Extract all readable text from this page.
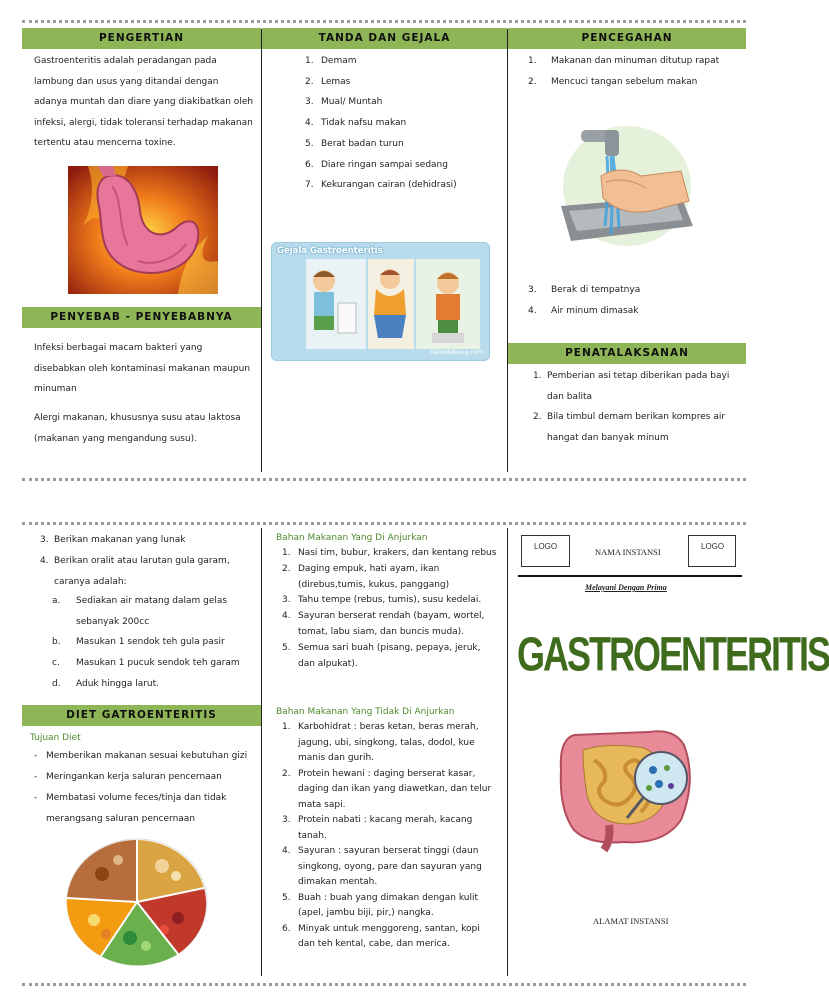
PENGERTIAN
Gastroenteritis adalah peradangan pada lambung dan usus yang ditandai dengan adanya muntah dan diare yang diakibatkan oleh infeksi, alergi, tidak toleransi terhadap makanan tertentu atau mencerna toxine.
PENYEBAB - PENYEBABNYA
Infeksi berbagai macam bakteri yang disebabkan oleh kontaminasi makanan maupun minuman
Alergi makanan, khususnya susu atau laktosa (makanan yang mengandung susu).
TANDA DAN GEJALA
1. Demam
2. Lemas
3. Mual/ Muntah
4. Tidak nafsu makan
5. Berat badan turun
6. Diare ringan sampai sedang
7. Kekurangan cairan (dehidrasi)
Gejala Gastroenteritis
hidrodebung.com
PENCEGAHAN
1. Makanan dan minuman ditutup rapat
2. Mencuci tangan sebelum makan
3. Berak di tempatnya
4. Air minum dimasak
PENATALAKSANAN
1. Pemberian asi tetap diberikan pada bayi dan balita
2. Bila timbul demam berikan kompres air hangat dan banyak minum
3. Berikan makanan yang lunak
4. Berikan oralit atau larutan gula garam, caranya adalah:
a. Sediakan air matang dalam gelas sebanyak 200cc
b. Masukan 1 sendok teh gula pasir
c. Masukan 1 pucuk sendok teh garam
d. Aduk hingga larut.
DIET GATROENTERITIS
Tujuan Diet
- Memberikan makanan sesuai kebutuhan gizi
- Meringankan kerja saluran pencernaan
- Membatasi volume feces/tinja dan tidak merangsang saluran pencernaan
Bahan Makanan Yang Di Anjurkan
1. Nasi tim, bubur, krakers, dan kentang rebus
2. Daging empuk, hati ayam, ikan (direbus,tumis, kukus, panggang)
3. Tahu tempe (rebus, tumis), susu kedelai.
4. Sayuran berserat rendah (bayam, wortel, tomat, labu siam, dan buncis muda).
5. Semua sari buah (pisang, pepaya, jeruk, dan alpukat).
Bahan Makanan Yang Tidak Di Anjurkan
1. Karbohidrat : beras ketan, beras merah, jagung, ubi, singkong, talas, dodol, kue manis dan gurih.
2. Protein hewani : daging berserat kasar, daging dan ikan yang diawetkan, dan telur mata sapi.
3. Protein nabati : kacang merah, kacang tanah.
4. Sayuran : sayuran berserat tinggi (daun singkong, oyong, pare dan sayuran yang dimakan mentah.
5. Buah : buah yang dimakan dengan kulit (apel, jambu biji, pir,) nangka.
6. Minyak untuk menggoreng, santan, kopi dan teh kental, cabe, dan merica.
LOGO
NAMA INSTANSI
LOGO
Melayani Dengan Prima
GASTROENTERITIS
ALAMAT INSTANSI
